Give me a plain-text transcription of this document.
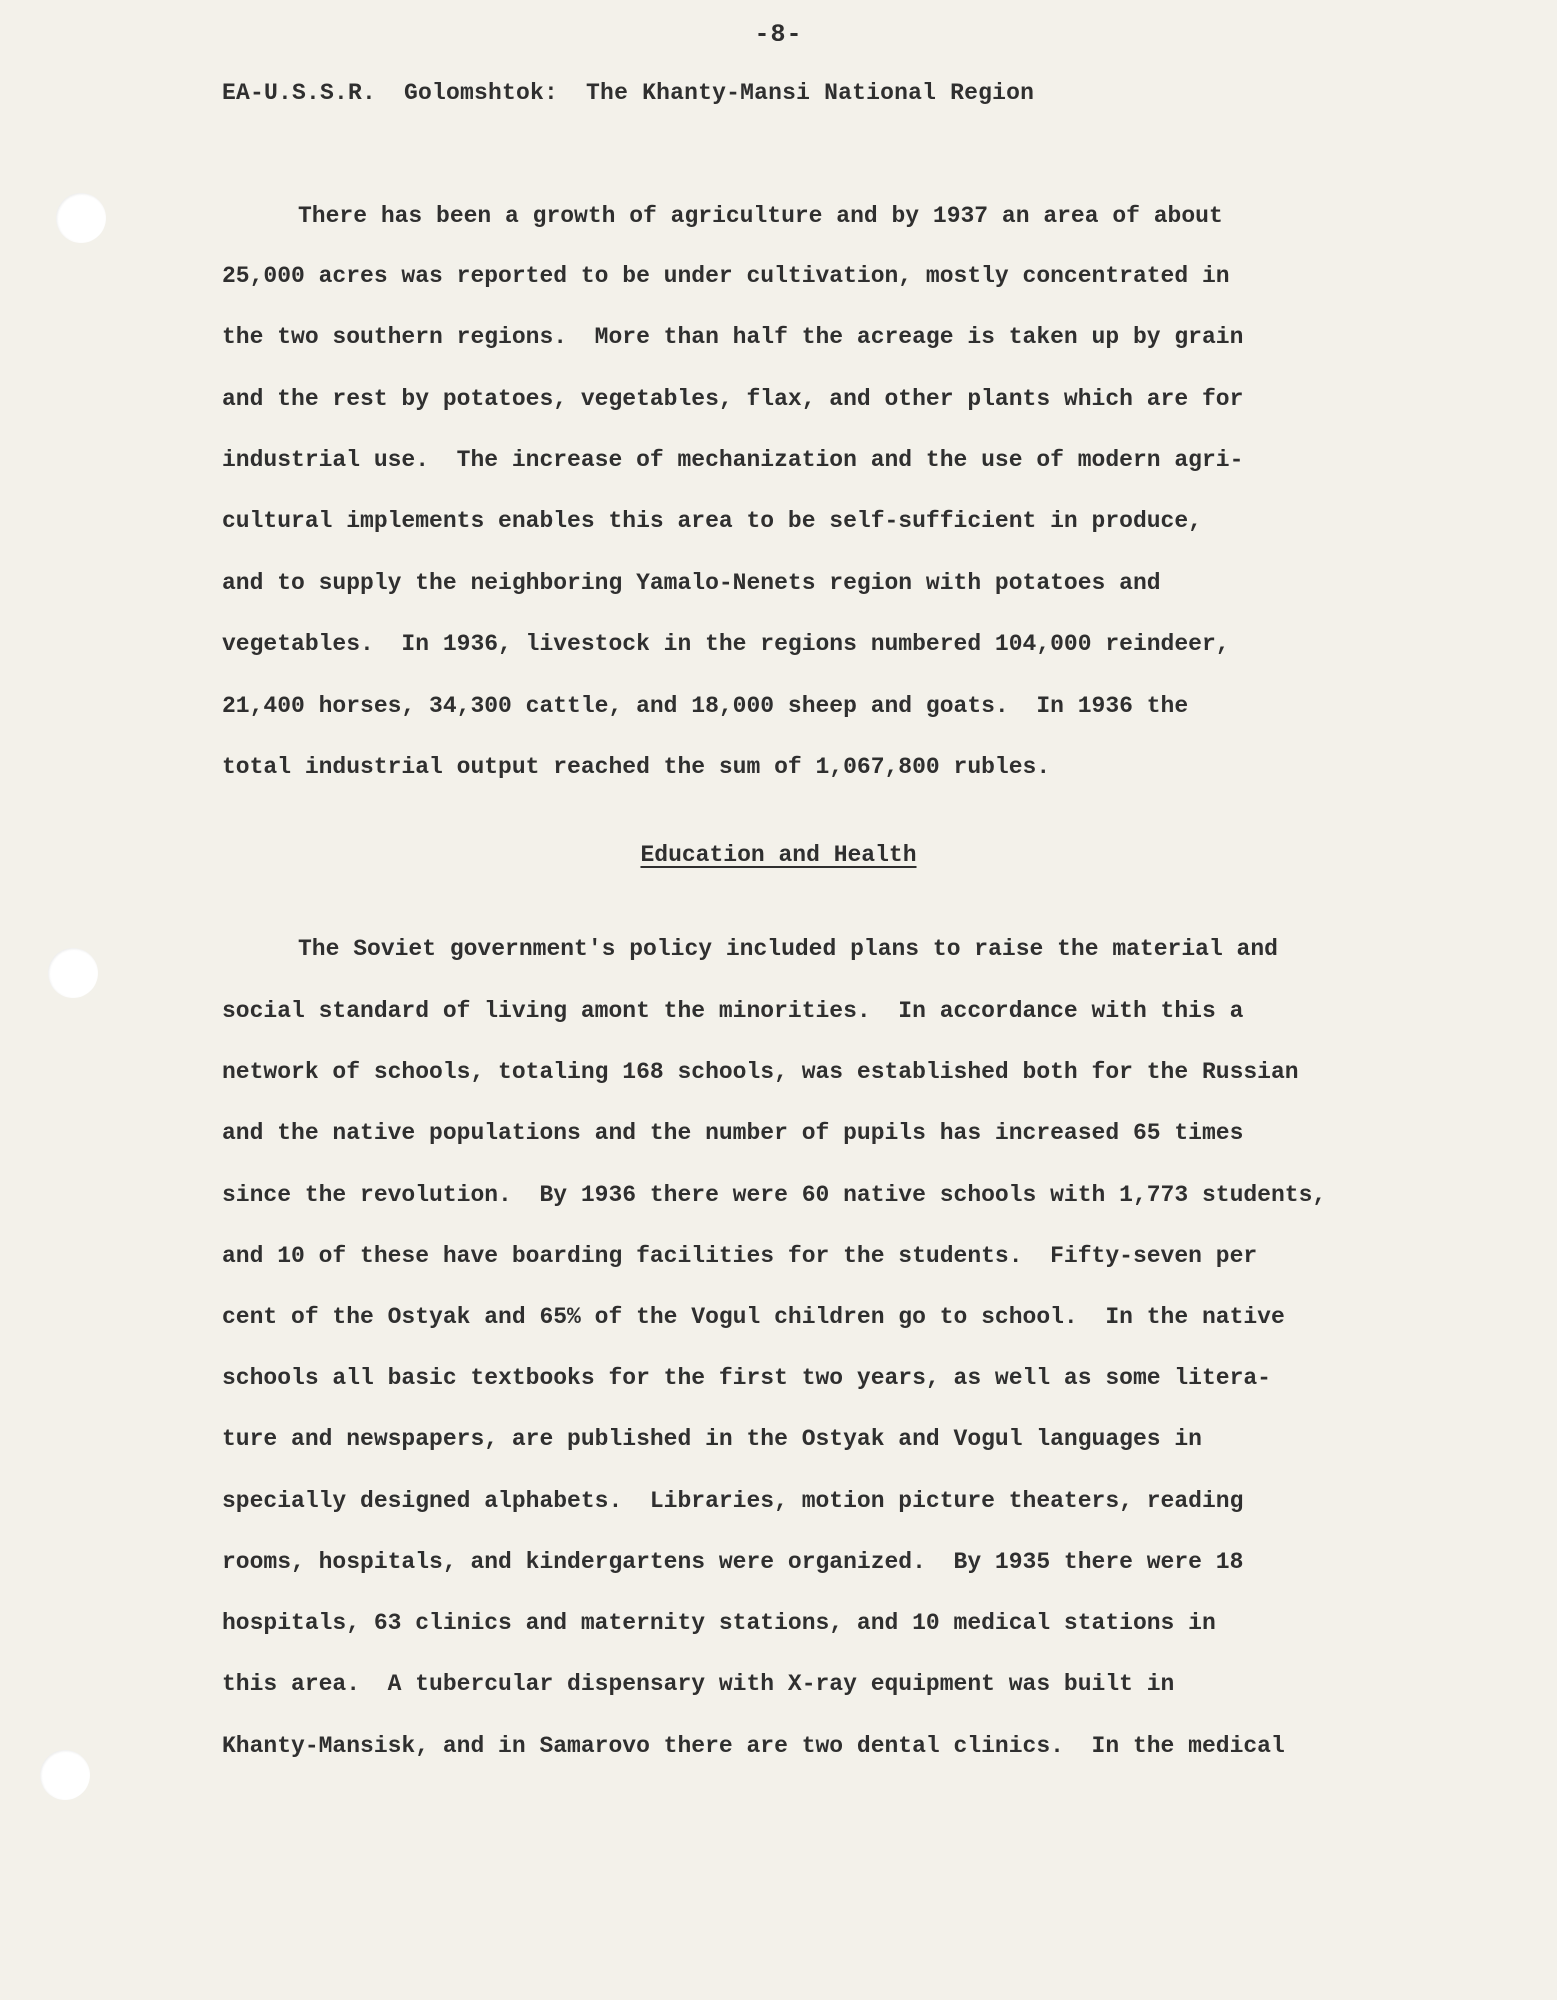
-8-
EA-U.S.S.R.  Golomshtok:  The Khanty-Mansi National Region
There has been a growth of agriculture and by 1937 an area of about
25,000 acres was reported to be under cultivation, mostly concentrated in
the two southern regions.  More than half the acreage is taken up by grain
and the rest by potatoes, vegetables, flax, and other plants which are for
industrial use.  The increase of mechanization and the use of modern agri-
cultural implements enables this area to be self-sufficient in produce,
and to supply the neighboring Yamalo-Nenets region with potatoes and
vegetables.  In 1936, livestock in the regions numbered 104,000 reindeer,
21,400 horses, 34,300 cattle, and 18,000 sheep and goats.  In 1936 the
total industrial output reached the sum of 1,067,800 rubles.
Education and Health
The Soviet government's policy included plans to raise the material and
social standard of living amont the minorities.  In accordance with this a
network of schools, totaling 168 schools, was established both for the Russian
and the native populations and the number of pupils has increased 65 times
since the revolution.  By 1936 there were 60 native schools with 1,773 students,
and 10 of these have boarding facilities for the students.  Fifty-seven per
cent of the Ostyak and 65% of the Vogul children go to school.  In the native
schools all basic textbooks for the first two years, as well as some litera-
ture and newspapers, are published in the Ostyak and Vogul languages in
specially designed alphabets.  Libraries, motion picture theaters, reading
rooms, hospitals, and kindergartens were organized.  By 1935 there were 18
hospitals, 63 clinics and maternity stations, and 10 medical stations in
this area.  A tubercular dispensary with X-ray equipment was built in
Khanty-Mansisk, and in Samarovo there are two dental clinics.  In the medical
